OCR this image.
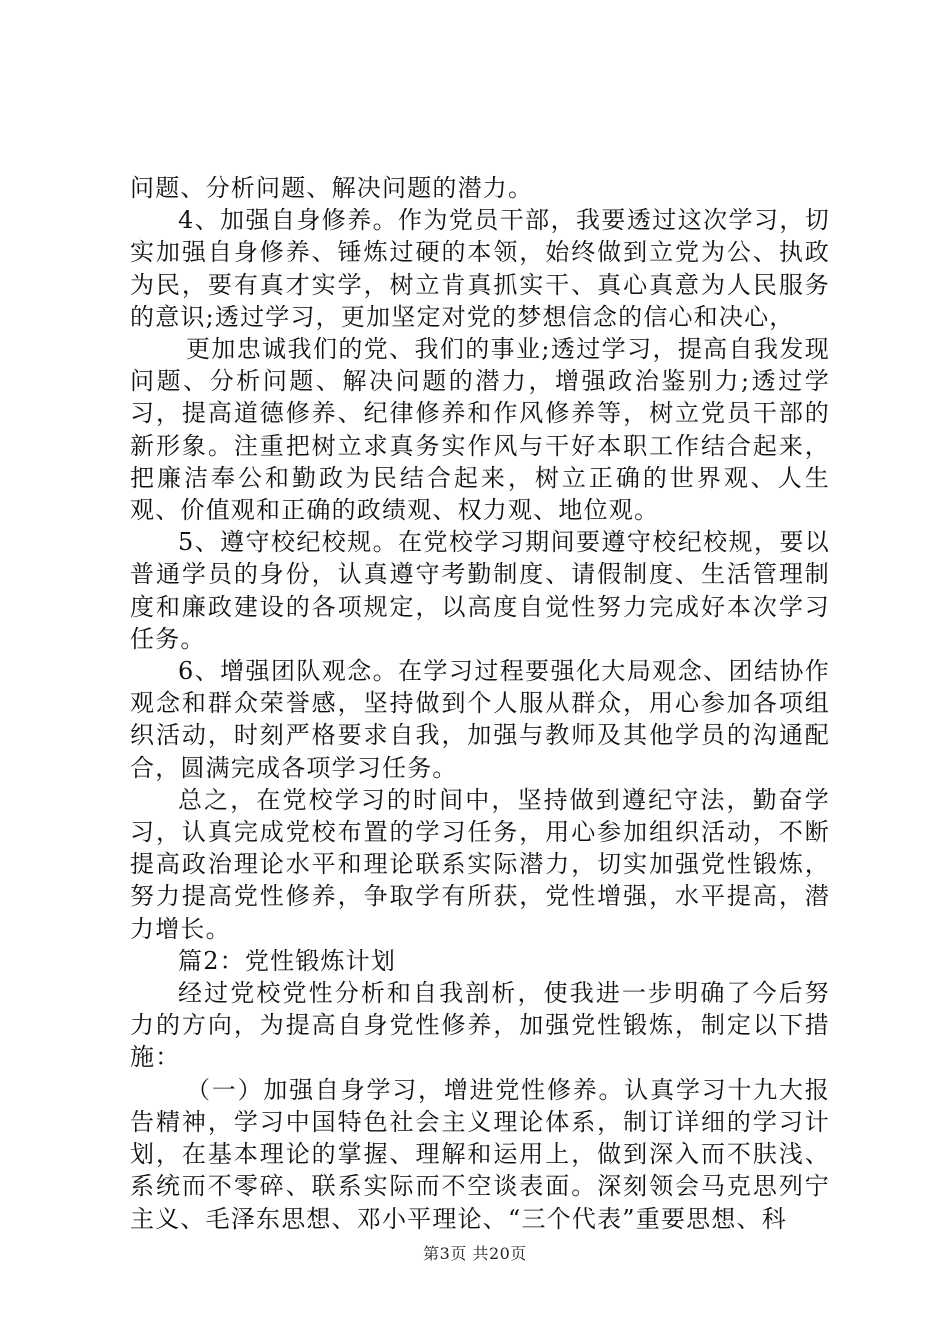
问题、分析问题、解决问题的潜力。

4、加强自身修养。作为党员干部，我要透过这次学习，切实加强自身修养、锤炼过硬的本领，始终做到立党为公、执政为民，要有真才实学，树立肯真抓实干、真心真意为人民服务的意识;透过学习，更加坚定对党的梦想信念的信心和决心，

更加忠诚我们的党、我们的事业;透过学习，提高自我发现问题、分析问题、解决问题的潜力，增强政治鉴别力;透过学习，提高道德修养、纪律修养和作风修养等，树立党员干部的新形象。注重把树立求真务实作风与干好本职工作结合起来，把廉洁奉公和勤政为民结合起来，树立正确的世界观、人生观、价值观和正确的政绩观、权力观、地位观。

5、遵守校纪校规。在党校学习期间要遵守校纪校规，要以普通学员的身份，认真遵守考勤制度、请假制度、生活管理制度和廉政建设的各项规定，以高度自觉性努力完成好本次学习任务。

6、增强团队观念。在学习过程要强化大局观念、团结协作观念和群众荣誉感，坚持做到个人服从群众，用心参加各项组织活动，时刻严格要求自我，加强与教师及其他学员的沟通配合，圆满完成各项学习任务。

总之，在党校学习的时间中，坚持做到遵纪守法，勤奋学习，认真完成党校布置的学习任务，用心参加组织活动，不断提高政治理论水平和理论联系实际潜力，切实加强党性锻炼，努力提高党性修养，争取学有所获，党性增强，水平提高，潜力增长。

篇2：党性锻炼计划

经过党校党性分析和自我剖析，使我进一步明确了今后努力的方向，为提高自身党性修养，加强党性锻炼，制定以下措施：

（一）加强自身学习，增进党性修养。认真学习十九大报告精神，学习中国特色社会主义理论体系，制订详细的学习计划，在基本理论的掌握、理解和运用上，做到深入而不肤浅、系统而不零碎、联系实际而不空谈表面。深刻领会马克思列宁主义、毛泽东思想、邓小平理论、“三个代表”重要思想、科

第3页 共20页
